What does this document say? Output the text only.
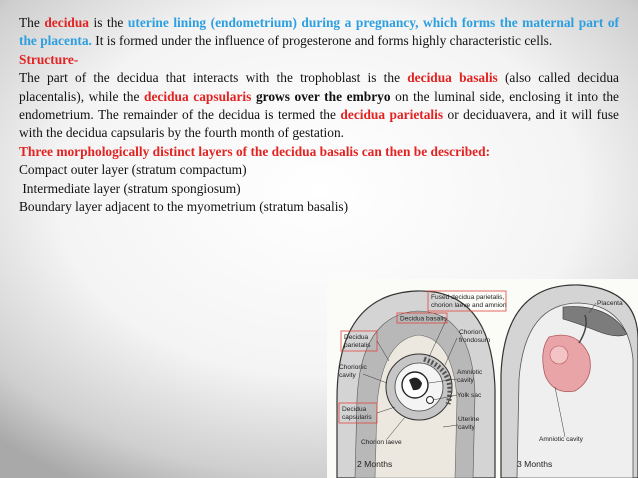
The decidua is the uterine lining (endometrium) during a pregnancy, which forms the maternal part of the placenta. It is formed under the influence of progesterone and forms highly characteristic cells.

Structure-

The part of the decidua that interacts with the trophoblast is the decidua basalis (also called decidua placentalis), while the decidua capsularis grows over the embryo on the luminal side, enclosing it into the endometrium. The remainder of the decidua is termed the decidua parietalis or deciduavera, and it will fuse with the decidua capsularis by the fourth month of gestation.

Three morphologically distinct layers of the decidua basalis can then be described:

Compact outer layer (stratum compactum)

Intermediate layer (stratum spongiosum)

Boundary layer adjacent to the myometrium (stratum basalis)

Fused decidua parietalis,
chorion laeve and amnion
Decidua basalis
Placenta
Chorion
frondosum
Decidua
parietalis
Chorionic
cavity	Amniotic
cavity
Yolk sac
Decidua
capsularis	Uterine
cavity
Chorion laeve	Amniotic cavity
2 Months	3 Months
